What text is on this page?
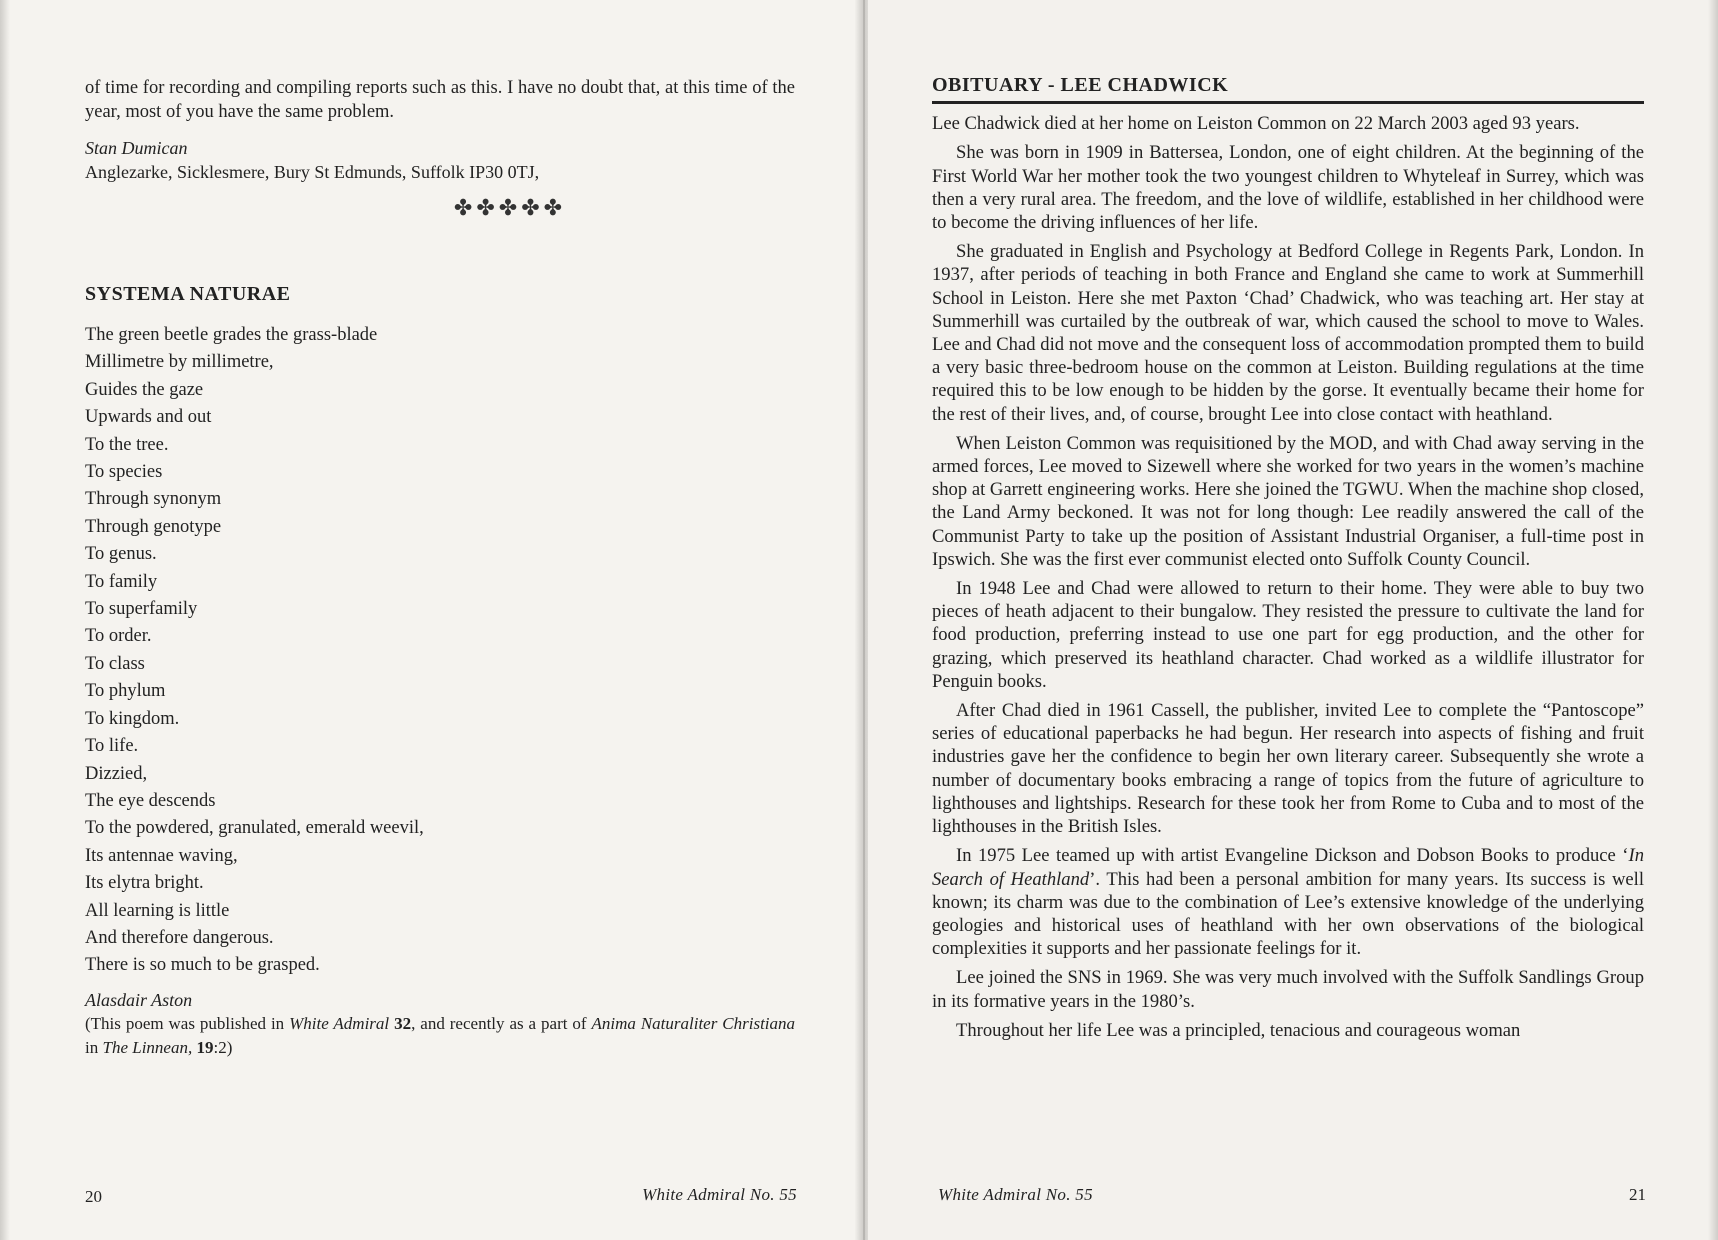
of time for recording and compiling reports such as this. I have no doubt that, at this time of the year, most of you have the same problem.

Stan Dumican

Anglezarke, Sicklesmere, Bury St Edmunds, Suffolk IP30 0TJ,

✤✤✤✤✤
SYSTEMA NATURAE
The green beetle grades the grass-blade
Millimetre by millimetre,
Guides the gaze
Upwards and out
To the tree.
To species
Through synonym
Through genotype
To genus.
To family
To superfamily
To order.
To class
To phylum
To kingdom.
To life.
Dizzied,
The eye descends
To the powdered, granulated, emerald weevil,
Its antennae waving,
Its elytra bright.
All learning is little
And therefore dangerous.
There is so much to be grasped.
Alasdair Aston

(This poem was published in White Admiral 32, and recently as a part of Anima Naturaliter Christiana in The Linnean, 19:2)

20	White Admiral No. 55
OBITUARY - LEE CHADWICK

Lee Chadwick died at her home on Leiston Common on 22 March 2003 aged 93 years.

She was born in 1909 in Battersea, London, one of eight children. At the beginning of the First World War her mother took the two youngest children to Whyteleaf in Surrey, which was then a very rural area. The freedom, and the love of wildlife, established in her childhood were to become the driving influences of her life.

She graduated in English and Psychology at Bedford College in Regents Park, London. In 1937, after periods of teaching in both France and England she came to work at Summerhill School in Leiston. Here she met Paxton ‘Chad’ Chadwick, who was teaching art. Her stay at Summerhill was curtailed by the outbreak of war, which caused the school to move to Wales. Lee and Chad did not move and the consequent loss of accommodation prompted them to build a very basic three-bedroom house on the common at Leiston. Building regulations at the time required this to be low enough to be hidden by the gorse. It eventually became their home for the rest of their lives, and, of course, brought Lee into close contact with heathland.

When Leiston Common was requisitioned by the MOD, and with Chad away serving in the armed forces, Lee moved to Sizewell where she worked for two years in the women’s machine shop at Garrett engineering works. Here she joined the TGWU. When the machine shop closed, the Land Army beckoned. It was not for long though: Lee readily answered the call of the Communist Party to take up the position of Assistant Industrial Organiser, a full-time post in Ipswich. She was the first ever communist elected onto Suffolk County Council.

In 1948 Lee and Chad were allowed to return to their home. They were able to buy two pieces of heath adjacent to their bungalow. They resisted the pressure to cultivate the land for food production, preferring instead to use one part for egg production, and the other for grazing, which preserved its heathland character. Chad worked as a wildlife illustrator for Penguin books.

After Chad died in 1961 Cassell, the publisher, invited Lee to complete the “Pantoscope” series of educational paperbacks he had begun. Her research into aspects of fishing and fruit industries gave her the confidence to begin her own literary career. Subsequently she wrote a number of documentary books embracing a range of topics from the future of agriculture to lighthouses and lightships. Research for these took her from Rome to Cuba and to most of the lighthouses in the British Isles.

In 1975 Lee teamed up with artist Evangeline Dickson and Dobson Books to produce ‘In Search of Heathland’. This had been a personal ambition for many years. Its success is well known; its charm was due to the combination of Lee’s extensive knowledge of the underlying geologies and historical uses of heathland with her own observations of the biological complexities it supports and her passionate feelings for it.

Lee joined the SNS in 1969. She was very much involved with the Suffolk Sandlings Group in its formative years in the 1980’s.

Throughout her life Lee was a principled, tenacious and courageous woman

White Admiral No. 55	21
